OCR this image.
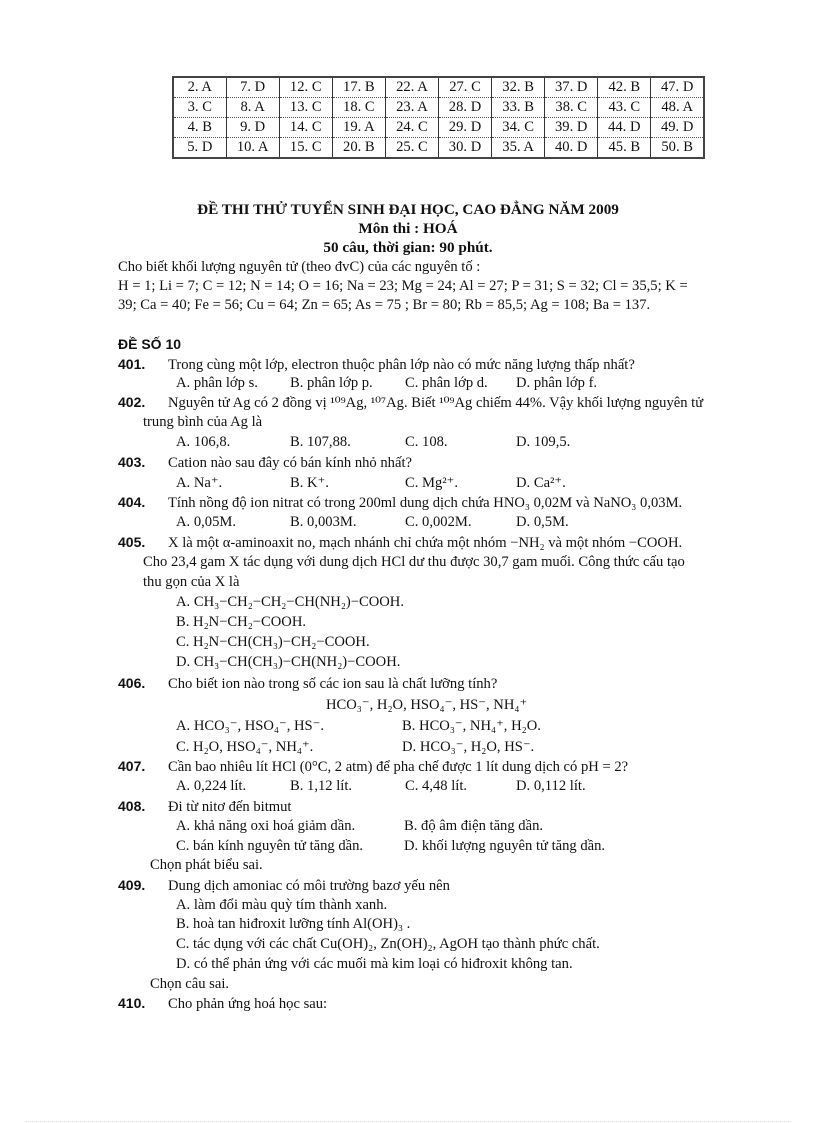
2. A	7. D	12. C	17. B	22. A	27. C	32. B	37. D	42. B	47. D
3. C	8. A	13. C	18. C	23. A	28. D	33. B	38. C	43. C	48. A
4. B	9. D	14. C	19. A	24. C	29. D	34. C	39. D	44. D	49. D
5. D	10. A	15. C	20. B	25. C	30. D	35. A	40. D	45. B	50. B
ĐỀ THI THỬ TUYỂN SINH ĐẠI HỌC, CAO ĐẲNG NĂM 2009
Môn thi : HOÁ
50 câu, thời gian: 90 phút.
Cho biết khối lượng nguyên tử (theo đvC) của các nguyên tố :
H = 1; Li = 7; C = 12; N = 14; O = 16; Na = 23; Mg = 24; Al = 27; P = 31; S = 32; Cl = 35,5; K =
39; Ca = 40; Fe = 56; Cu = 64; Zn = 65; As = 75 ; Br = 80; Rb = 85,5; Ag = 108; Ba = 137.
ĐỀ SỐ 10
401. Trong cùng một lớp, electron thuộc phân lớp nào có mức năng lượng thấp nhất?
A. phân lớp s. B. phân lớp p. C. phân lớp d. D. phân lớp f.
402. Nguyên tử Ag có 2 đồng vị ¹⁰⁹Ag, ¹⁰⁷Ag. Biết ¹⁰⁹Ag chiếm 44%. Vậy khối lượng nguyên tử
trung bình của Ag là
A. 106,8.	B. 107,88.	C. 108.	D. 109,5.
403. Cation nào sau đây có bán kính nhỏ nhất?
A. Na⁺.	B. K⁺.	C. Mg²⁺.	D. Ca²⁺.
404. Tính nồng độ ion nitrat có trong 200ml dung dịch chứa HNO₃ 0,02M và NaNO₃ 0,03M.
A. 0,05M.	B. 0,003M.	C. 0,002M.	D. 0,5M.
405. X là một α-aminoaxit no, mạch nhánh chỉ chứa một nhóm −NH₂ và một nhóm −COOH.
Cho 23,4 gam X tác dụng với dung dịch HCl dư thu được 30,7 gam muối. Công thức cấu tạo
thu gọn của X là
A. CH₃−CH₂−CH₂−CH(NH₂)−COOH.
B. H₂N−CH₂−COOH.
C. H₂N−CH(CH₃)−CH₂−COOH.
D. CH₃−CH(CH₃)−CH(NH₂)−COOH.
406. Cho biết ion nào trong số các ion sau là chất lưỡng tính?
HCO₃⁻, H₂O, HSO₄⁻, HS⁻, NH₄⁺
A. HCO₃⁻, HSO₄⁻, HS⁻.	B. HCO₃⁻, NH₄⁺, H₂O.
C. H₂O, HSO₄⁻, NH₄⁺.	D. HCO₃⁻, H₂O, HS⁻.
407. Cần bao nhiêu lít HCl (0°C, 2 atm) để pha chế được 1 lít dung dịch có pH = 2?
A. 0,224 lít.	B. 1,12 lít.	C. 4,48 lít.	D. 0,112 lít.
408. Đi từ nitơ đến bitmut
A. khả năng oxi hoá giảm dần.	B. độ âm điện tăng dần.
C. bán kính nguyên tử tăng dần.	D. khối lượng nguyên tử tăng dần.
Chọn phát biểu sai.
409. Dung dịch amoniac có môi trường bazơ yếu nên
A. làm đổi màu quỳ tím thành xanh.
B. hoà tan hiđroxit lưỡng tính Al(OH)₃ .
C. tác dụng với các chất Cu(OH)₂, Zn(OH)₂, AgOH tạo thành phức chất.
D. có thể phản ứng với các muối mà kim loại có hiđroxit không tan.
Chọn câu sai.
410. Cho phản ứng hoá học sau:
